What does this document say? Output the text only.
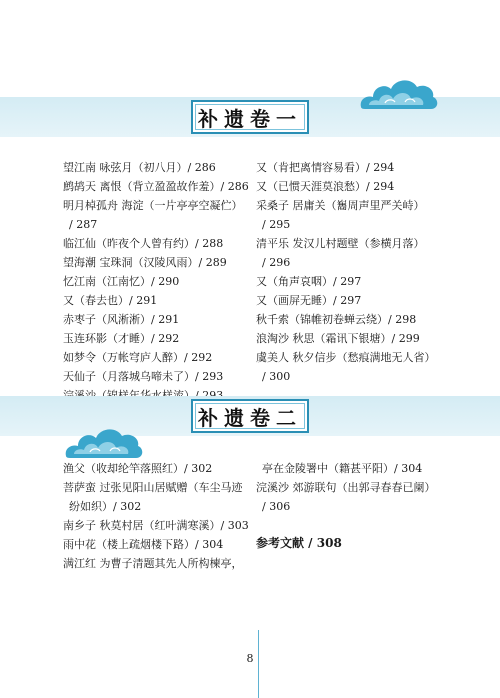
补遗卷一
望江南 咏弦月（初八月）/ 286
鹧鸪天 离恨（背立盈盈故作羞）/ 286
明月棹孤舟 海淀（一片亭亭空凝伫）
/ 287
临江仙（昨夜个人曾有约）/ 288
望海潮 宝珠洞（汉陵风雨）/ 289
忆江南（江南忆）/ 290
又（春去也）/ 291
赤枣子（风淅淅）/ 291
玉连环影（才睡）/ 292
如梦令（万帐穹庐人醉）/ 292
天仙子（月落城乌啼未了）/ 293
又（肯把离情容易看）/ 294
又（已惯天涯莫浪愁）/ 294
采桑子 居庸关（雟周声里严关峙）
/ 295
清平乐 发汉儿村题壁（参横月落）
/ 296
又（角声哀咽）/ 297
又（画屏无睡）/ 297
秋千索（锦帷初卷蝉云绕）/ 298
浪淘沙 秋思（霜讯下银塘）/ 299
虞美人 秋夕信步（愁痕满地无人省）
/ 300
补遗卷二
渔父（收却纶竿落照红）/ 302
菩萨蛮 过张见阳山居赋赠（车尘马迹
纷如织）/ 302
南乡子 秋莫村居（红叶满寒溪）/ 303
雨中花（楼上疏烟楼下路）/ 304
满江红 为曹子清题其先人所构楝亭，
亭在金陵署中（籍甚平阳）/ 304
浣溪沙 郊游联句（出郭寻春春已阑）
/ 306
参考文献 / 308
8
